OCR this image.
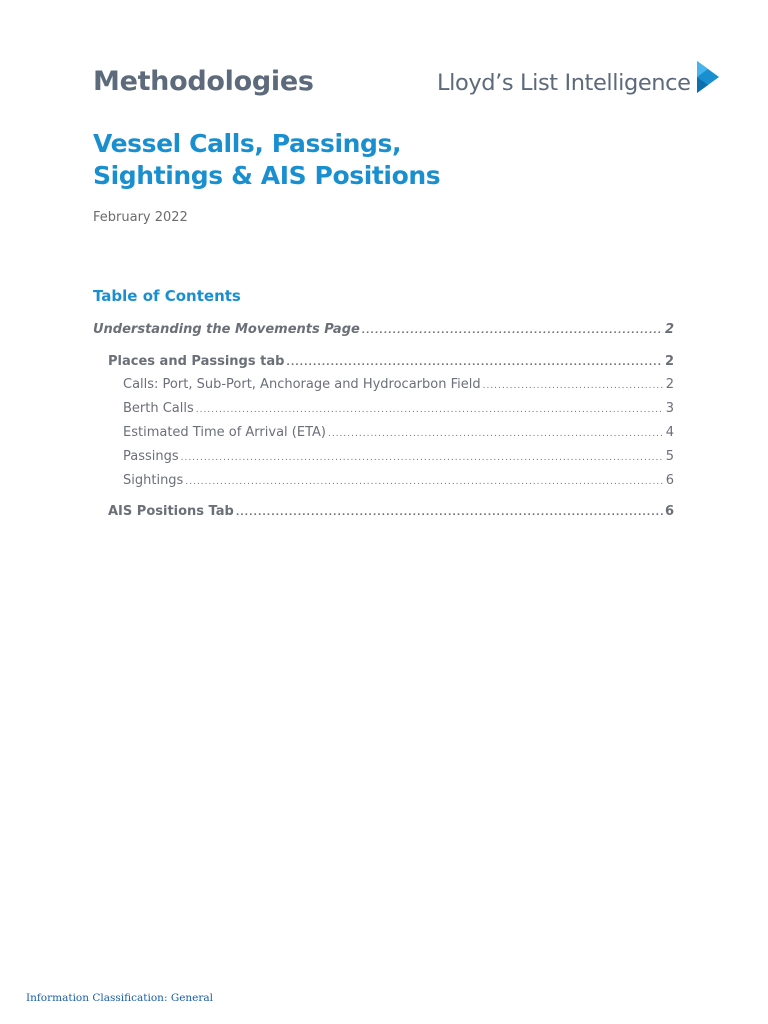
Methodologies	Lloyd’s List Intelligence
Vessel Calls, Passings,
Sightings & AIS Positions
February 2022
Table of Contents
Understanding the Movements Page .....	2
Places and Passings tab .....	2
Calls: Port, Sub-Port, Anchorage and Hydrocarbon Field .....	2
Berth Calls .....	3
Estimated Time of Arrival (ETA) .....	4
Passings .....	5
Sightings .....	6
AIS Positions Tab .....	6
Information Classification: General
